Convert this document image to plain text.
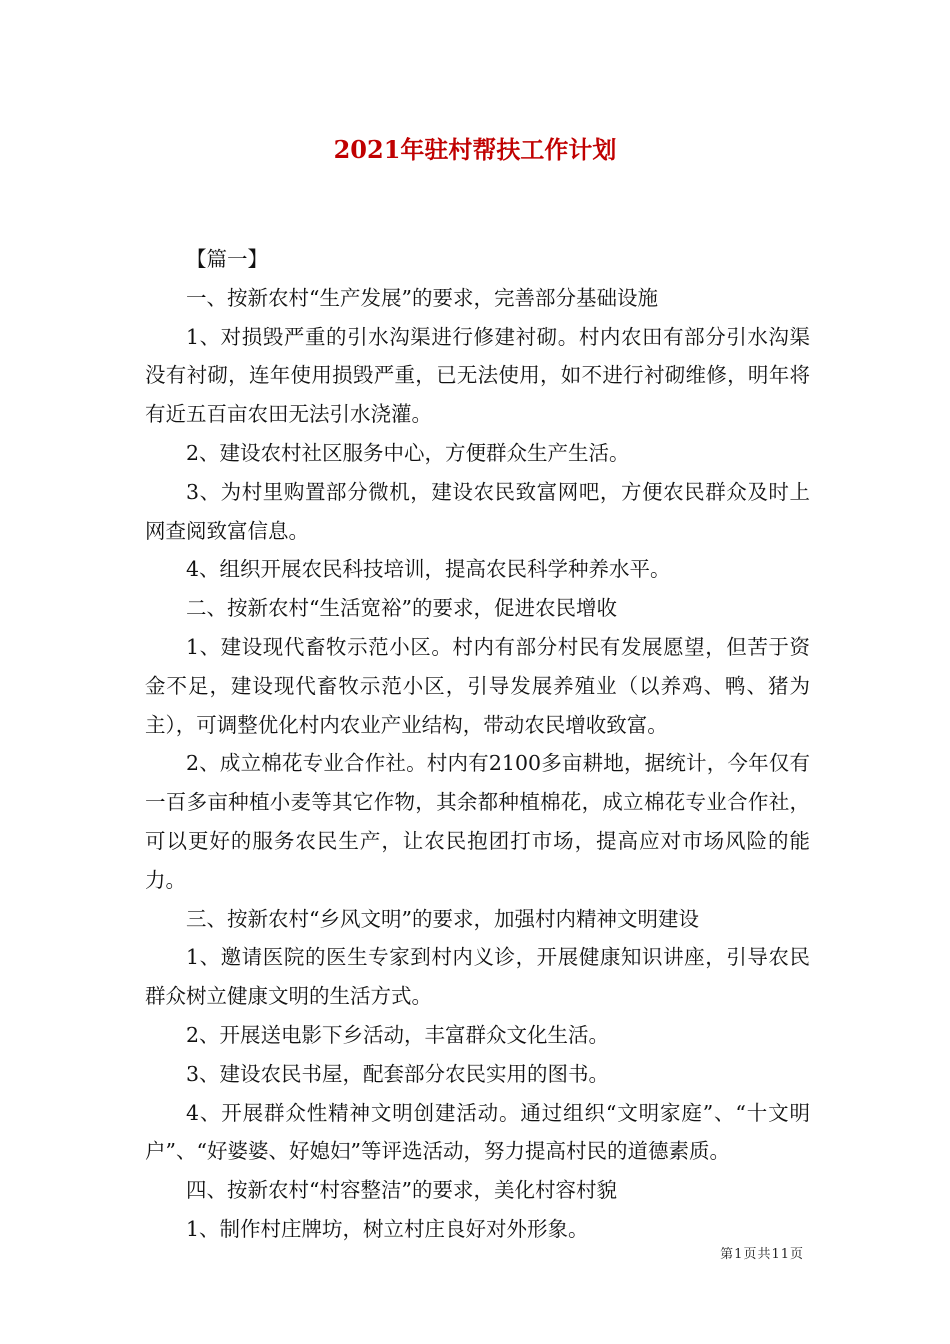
2021年驻村帮扶工作计划

【篇一】

一、按新农村“生产发展”的要求，完善部分基础设施

1、对损毁严重的引水沟渠进行修建衬砌。村内农田有部分引水沟渠没有衬砌，连年使用损毁严重，已无法使用，如不进行衬砌维修，明年将有近五百亩农田无法引水浇灌。

2、建设农村社区服务中心，方便群众生产生活。

3、为村里购置部分微机，建设农民致富网吧，方便农民群众及时上网查阅致富信息。

4、组织开展农民科技培训，提高农民科学种养水平。

二、按新农村“生活宽裕”的要求，促进农民增收

1、建设现代畜牧示范小区。村内有部分村民有发展愿望，但苦于资金不足，建设现代畜牧示范小区，引导发展养殖业（以养鸡、鸭、猪为主），可调整优化村内农业产业结构，带动农民增收致富。

2、成立棉花专业合作社。村内有2100多亩耕地，据统计，今年仅有一百多亩种植小麦等其它作物，其余都种植棉花，成立棉花专业合作社，可以更好的服务农民生产，让农民抱团打市场，提高应对市场风险的能力。

三、按新农村“乡风文明”的要求，加强村内精神文明建设

1、邀请医院的医生专家到村内义诊，开展健康知识讲座，引导农民群众树立健康文明的生活方式。

2、开展送电影下乡活动，丰富群众文化生活。

3、建设农民书屋，配套部分农民实用的图书。

4、开展群众性精神文明创建活动。通过组织“文明家庭”、“十文明户”、“好婆婆、好媳妇”等评选活动，努力提高村民的道德素质。

四、按新农村“村容整洁”的要求，美化村容村貌

1、制作村庄牌坊，树立村庄良好对外形象。

第1页共11页
